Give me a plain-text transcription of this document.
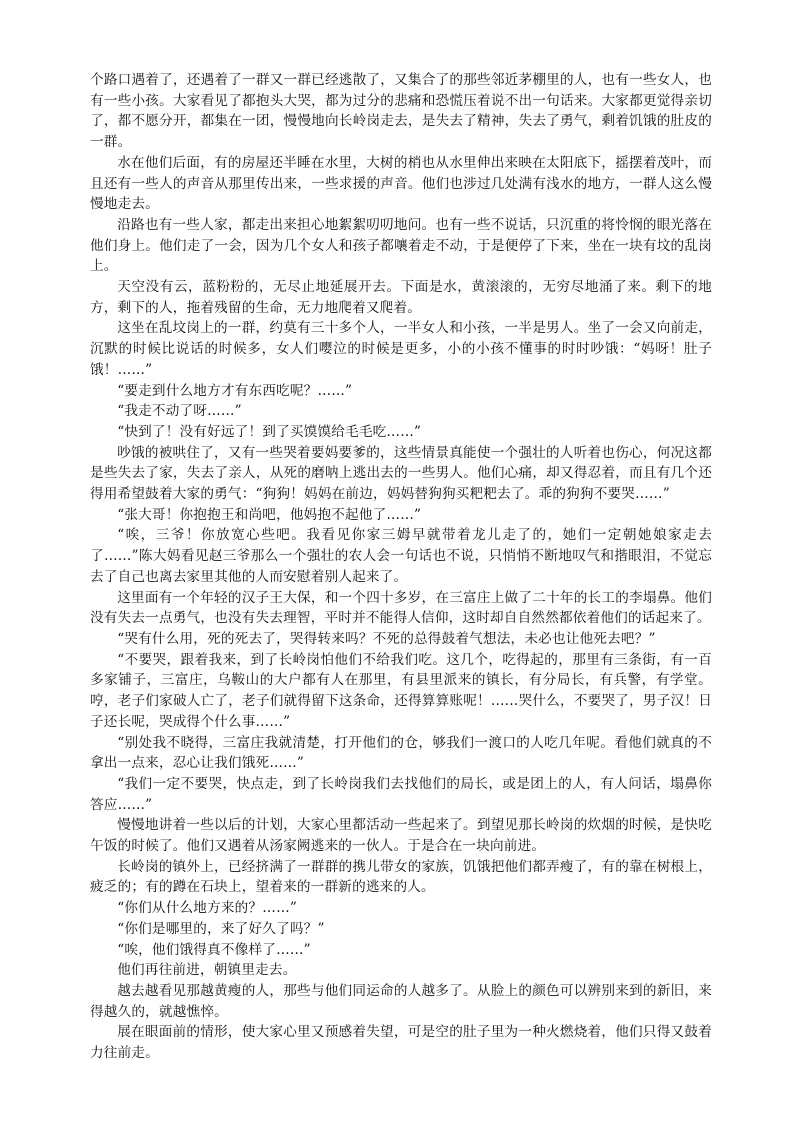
个路口遇着了，还遇着了一群又一群已经逃散了，又集合了的那些邻近茅棚里的人，也有一些女人，也有一些小孩。大家看见了都抱头大哭，都为过分的悲痛和恐慌压着说不出一句话来。大家都更觉得亲切了，都不愿分开，都集在一团，慢慢地向长岭岗走去，是失去了精神，失去了勇气，剩着饥饿的肚皮的一群。

水在他们后面，有的房屋还半睡在水里，大树的梢也从水里伸出来映在太阳底下，摇摆着茂叶，而且还有一些人的声音从那里传出来，一些求援的声音。他们也涉过几处满有浅水的地方，一群人这么慢慢地走去。

沿路也有一些人家，都走出来担心地絮絮叨叨地问。也有一些不说话，只沉重的将怜悯的眼光落在他们身上。他们走了一会，因为几个女人和孩子都嚷着走不动，于是便停了下来，坐在一块有坟的乱岗上。

天空没有云，蓝粉粉的，无尽止地延展开去。下面是水，黄滚滚的，无穷尽地涌了来。剩下的地方，剩下的人，拖着残留的生命，无力地爬着又爬着。

这坐在乱坟岗上的一群，约莫有三十多个人，一半女人和小孩，一半是男人。坐了一会又向前走，沉默的时候比说话的时候多，女人们嘤泣的时候是更多，小的小孩不懂事的时时吵饿：“妈呀！肚子饿！……”

“要走到什么地方才有东西吃呢？……”

“我走不动了呀……”

“快到了！没有好远了！到了买馍馍给毛毛吃……”

吵饿的被哄住了，又有一些哭着要妈要爹的，这些情景真能使一个强壮的人听着也伤心，何况这都是些失去了家，失去了亲人，从死的磨呐上逃出去的一些男人。他们心痛，却又得忍着，而且有几个还得用希望鼓着大家的勇气：“狗狗！妈妈在前边，妈妈替狗狗买粑粑去了。乖的狗狗不要哭……”

“张大哥！你抱抱王和尚吧，他妈抱不起他了……”

“唉，三爷！你放宽心些吧。我看见你家三姆早就带着龙儿走了的，她们一定朝她娘家走去了……”陈大妈看见赵三爷那么一个强壮的农人会一句话也不说，只悄悄不断地叹气和揩眼泪，不觉忘去了自己也离去家里其他的人而安慰着别人起来了。

这里面有一个年轻的汉子王大保，和一个四十多岁，在三富庄上做了二十年的长工的李塌鼻。他们没有失去一点勇气，也没有失去理智，平时并不能得人信仰，这时却自自然然都依着他们的话起来了。

“哭有什么用，死的死去了，哭得转来吗？不死的总得鼓着气想法，未必也让他死去吧？”

“不要哭，跟着我来，到了长岭岗怕他们不给我们吃。这几个，吃得起的，那里有三条街，有一百多家铺子，三富庄，乌鞍山的大户都有人在那里，有县里派来的镇长，有分局长，有兵警，有学堂。哼，老子们家破人亡了，老子们就得留下这条命，还得算算账呢！……哭什么，不要哭了，男子汉！日子还长呢，哭成得个什么事……”

“别处我不晓得，三富庄我就清楚，打开他们的仓，够我们一渡口的人吃几年呢。看他们就真的不拿出一点来，忍心让我们饿死……”

“我们一定不要哭，快点走，到了长岭岗我们去找他们的局长，或是团上的人，有人问话，塌鼻你答应……”

慢慢地讲着一些以后的计划，大家心里都活动一些起来了。到望见那长岭岗的炊烟的时候，是快吃午饭的时候了。他们又遇着从汤家阙逃来的一伙人。于是合在一块向前进。

长岭岗的镇外上，已经挤满了一群群的携儿带女的家族，饥饿把他们都弄瘦了，有的靠在树根上，疲乏的；有的蹲在石块上，望着来的一群新的逃来的人。

“你们从什么地方来的？……”

“你们是哪里的，来了好久了吗？”

“唉，他们饿得真不像样了……”

他们再往前进，朝镇里走去。

越去越看见那越黄瘦的人，那些与他们同运命的人越多了。从脸上的颜色可以辨别来到的新旧，来得越久的，就越憔悴。

展在眼面前的情形，使大家心里又预感着失望，可是空的肚子里为一种火燃烧着，他们只得又鼓着力往前走。
